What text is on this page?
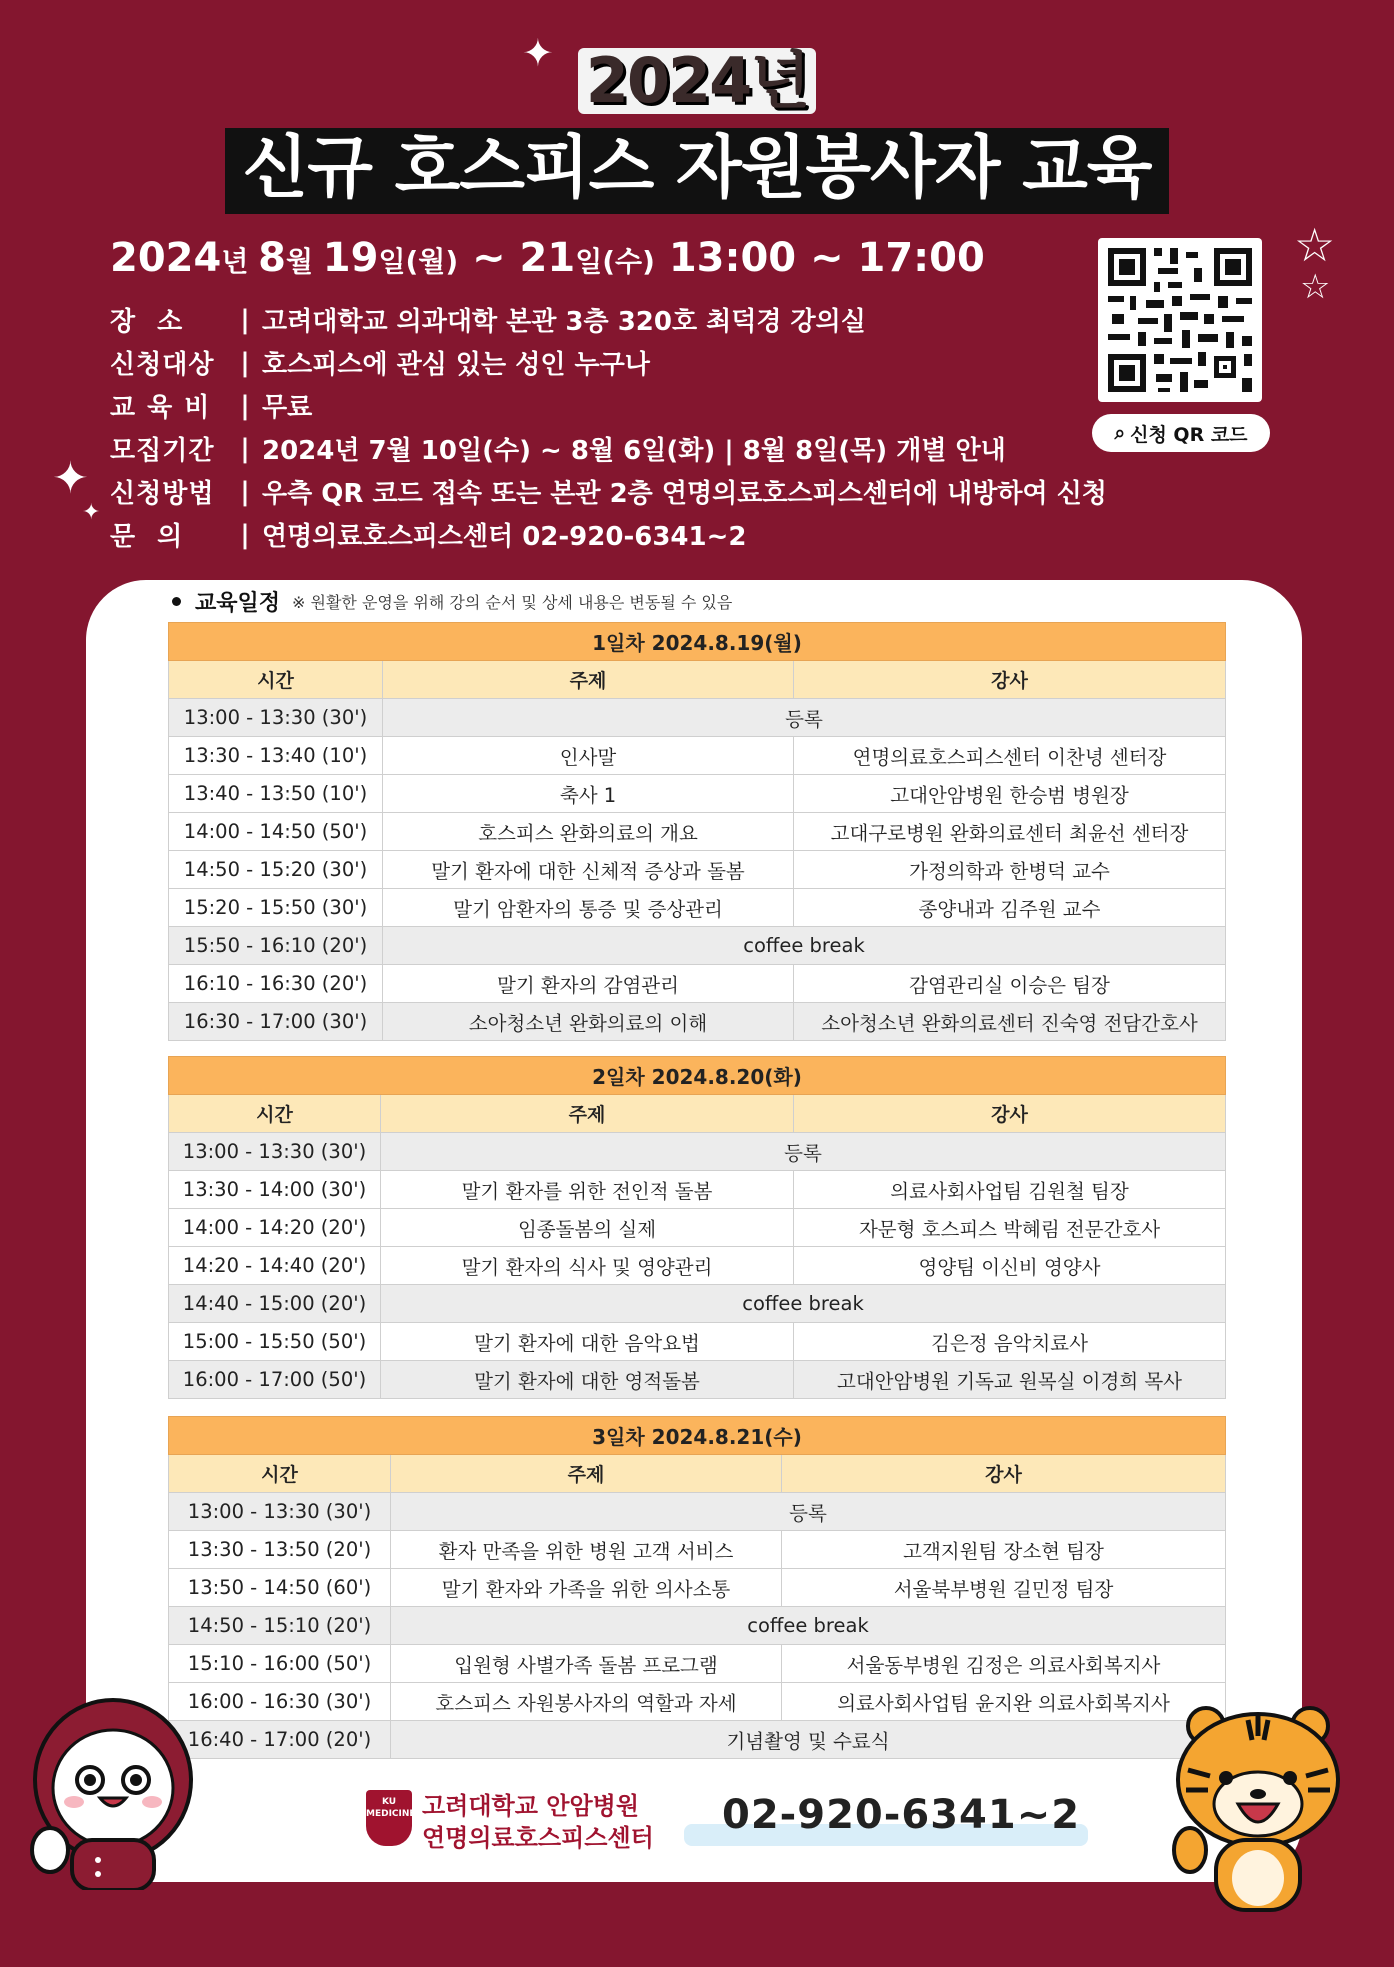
✦ 2024년
신규 호스피스 자원봉사자 교육
☆
☆
✦
✦
2024년 8월 19일(월) ~ 21일(수) 13:00 ~ 17:00
장소	| 고려대학교 의과대학 본관 3층 320호 최덕경 강의실
신청대상 | 호스피스에 관심 있는 성인 누구나
교육비 | 무료
모집기간 | 2024년 7월 10일(수) ~ 8월 6일(화) | 8월 8일(목) 개별 안내
신청방법 | 우측 QR 코드 접속 또는 본관 2층 연명의료호스피스센터에 내방하여 신청
문의	| 연명의료호스피스센터 02-920-6341~2
⌕ 신청 QR 코드
교육일정 ※ 원활한 운영을 위해 강의 순서 및 상세 내용은 변동될 수 있음
1일차 2024.8.19(월)		
시간	주제	강사
13:00 - 13:30 (30')	등록	
13:30 - 13:40 (10')	인사말	연명의료호스피스센터 이찬녕 센터장
13:40 - 13:50 (10')	축사 1	고대안암병원 한승범 병원장
14:00 - 14:50 (50')	호스피스 완화의료의 개요	고대구로병원 완화의료센터 최윤선 센터장
14:50 - 15:20 (30')	말기 환자에 대한 신체적 증상과 돌봄	가정의학과 한병덕 교수
15:20 - 15:50 (30')	말기 암환자의 통증 및 증상관리	종양내과 김주원 교수
15:50 - 16:10 (20')	coffee break	
16:10 - 16:30 (20')	말기 환자의 감염관리	감염관리실 이승은 팀장
16:30 - 17:00 (30')	소아청소년 완화의료의 이해	소아청소년 완화의료센터 진숙영 전담간호사
2일차 2024.8.20(화)		
시간	주제	강사
13:00 - 13:30 (30')	등록	
13:30 - 14:00 (30')	말기 환자를 위한 전인적 돌봄	의료사회사업팀 김원철 팀장
14:00 - 14:20 (20')	임종돌봄의 실제	자문형 호스피스 박혜림 전문간호사
14:20 - 14:40 (20')	말기 환자의 식사 및 영양관리	영양팀 이신비 영양사
14:40 - 15:00 (20')	coffee break	
15:00 - 15:50 (50')	말기 환자에 대한 음악요법	김은정 음악치료사
16:00 - 17:00 (50')	말기 환자에 대한 영적돌봄	고대안암병원 기독교 원목실 이경희 목사
3일차 2024.8.21(수)		
시간	주제	강사
13:00 - 13:30 (30')	등록	
13:30 - 13:50 (20')	환자 만족을 위한 병원 고객 서비스	고객지원팀 장소현 팀장
13:50 - 14:50 (60')	말기 환자와 가족을 위한 의사소통	서울북부병원 길민정 팀장
14:50 - 15:10 (20')	coffee break	
15:10 - 16:00 (50')	입원형 사별가족 돌봄 프로그램	서울동부병원 김정은 의료사회복지사
16:00 - 16:30 (30')	호스피스 자원봉사자의 역할과 자세	의료사회사업팀 윤지완 의료사회복지사
16:40 - 17:00 (20')	기념촬영 및 수료식	
KU MEDICINE 고려대학교 안암병원
연명의료호스피스센터 02-920-6341~2
